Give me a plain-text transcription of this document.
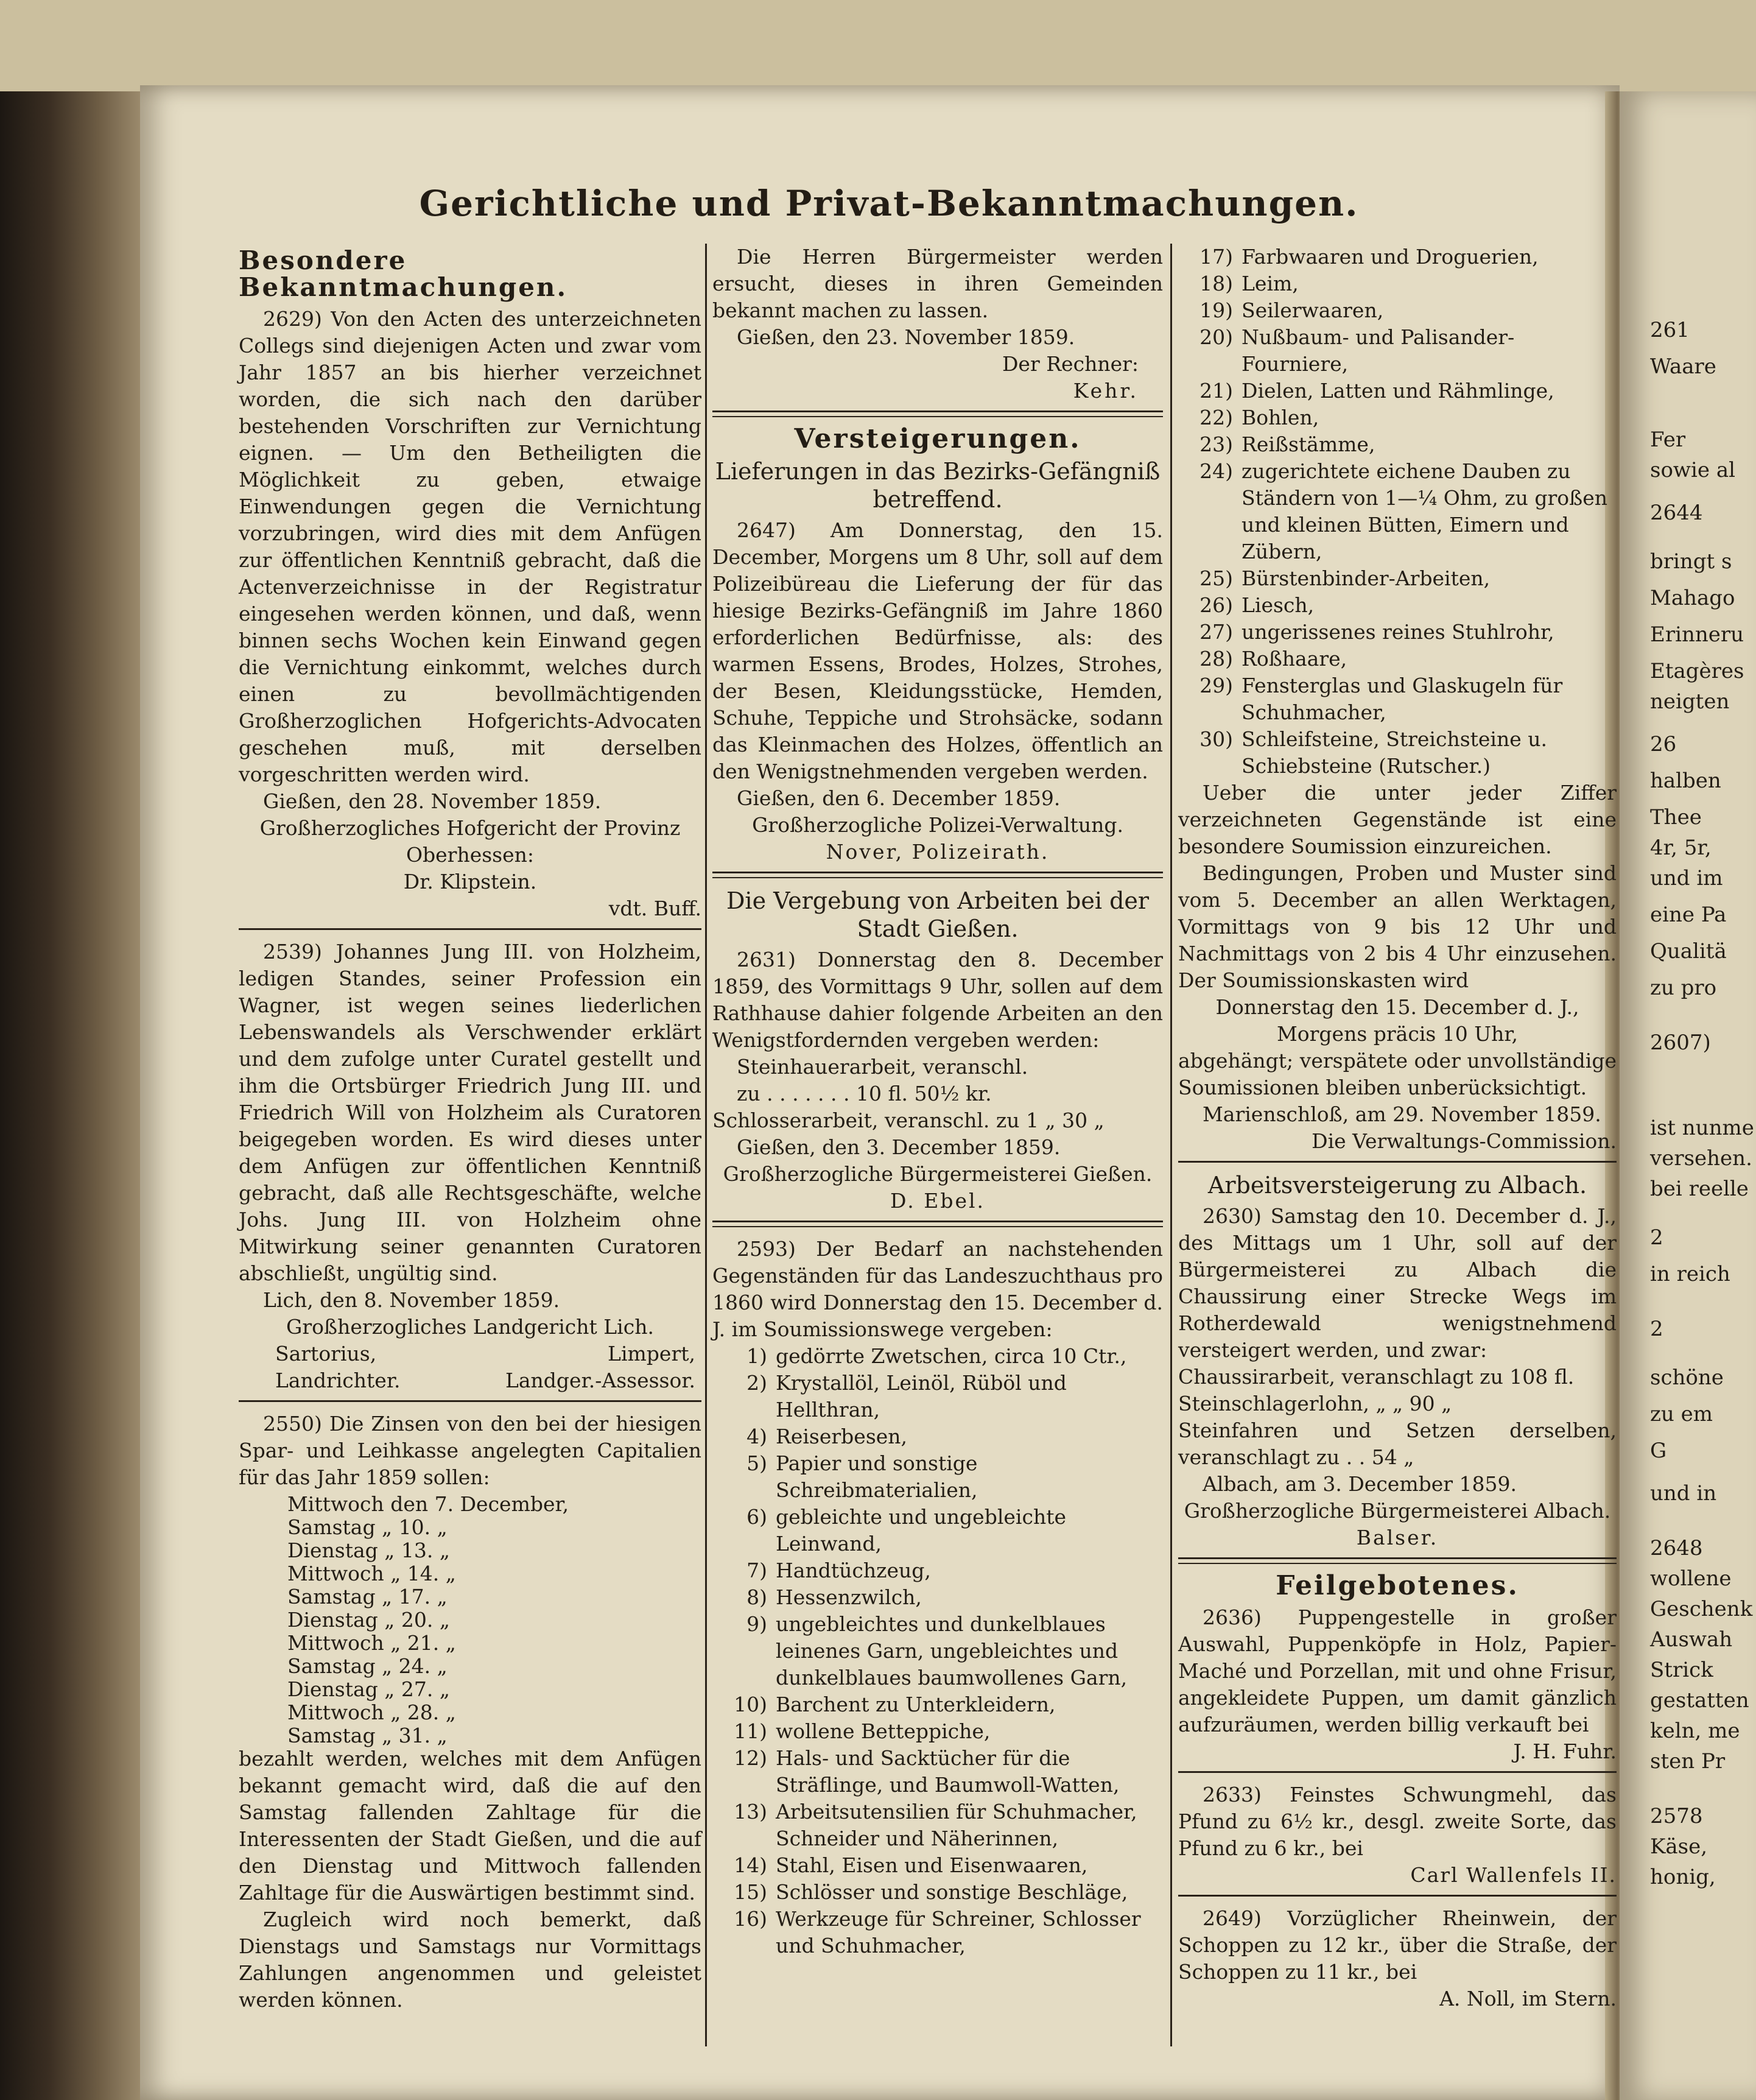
Gerichtliche und Privat-Bekanntmachungen.
Besondere Bekanntmachungen.

2629) Von den Acten des unterzeichneten Collegs sind diejenigen Acten und zwar vom Jahr 1857 an bis hierher verzeichnet worden, die sich nach den darüber bestehenden Vorschriften zur Vernichtung eignen. — Um den Betheiligten die Möglichkeit zu geben, etwaige Einwendungen gegen die Vernichtung vorzubringen, wird dies mit dem Anfügen zur öffentlichen Kenntniß gebracht, daß die Actenverzeichnisse in der Registratur eingesehen werden können, und daß, wenn binnen sechs Wochen kein Einwand gegen die Vernichtung einkommt, welches durch einen zu bevollmächtigenden Großherzoglichen Hofgerichts-Advocaten geschehen muß, mit derselben vorgeschritten werden wird.

Gießen, den 28. November 1859.

Großherzogliches Hofgericht der Provinz Oberhessen:

Dr. Klipstein.

vdt. Buff.

2539) Johannes Jung III. von Holzheim, ledigen Standes, seiner Profession ein Wagner, ist wegen seines liederlichen Lebenswandels als Verschwender erklärt und dem zufolge unter Curatel gestellt und ihm die Ortsbürger Friedrich Jung III. und Friedrich Will von Holzheim als Curatoren beigegeben worden. Es wird dieses unter dem Anfügen zur öffentlichen Kenntniß gebracht, daß alle Rechtsgeschäfte, welche Johs. Jung III. von Holzheim ohne Mitwirkung seiner genannten Curatoren abschließt, ungültig sind.

Lich, den 8. November 1859.

Großherzogliches Landgericht Lich.

Sartorius,	Limpert,
Landrichter.	Landger.-Assessor.

2550) Die Zinsen von den bei der hiesigen Spar- und Leihkasse angelegten Capitalien für das Jahr 1859 sollen:

Mittwoch den 7. December,
Samstag „ 10. „
Dienstag „ 13. „
Mittwoch „ 14. „
Samstag „ 17. „
Dienstag „ 20. „
Mittwoch „ 21. „
Samstag „ 24. „
Dienstag „ 27. „
Mittwoch „ 28. „
Samstag „ 31. „

bezahlt werden, welches mit dem Anfügen bekannt gemacht wird, daß die auf den Samstag fallenden Zahltage für die Interessenten der Stadt Gießen, und die auf den Dienstag und Mittwoch fallenden Zahltage für die Auswärtigen bestimmt sind.

Zugleich wird noch bemerkt, daß Dienstags und Samstags nur Vormittags Zahlungen angenommen und geleistet werden können.

Die Herren Bürgermeister werden ersucht, dieses in ihren Gemeinden bekannt machen zu lassen.

Gießen, den 23. November 1859.

Der Rechner:

Kehr.

Versteigerungen.
Lieferungen in das Bezirks-Gefängniß betreffend.

2647) Am Donnerstag, den 15. December, Morgens um 8 Uhr, soll auf dem Polizeibüreau die Lieferung der für das hiesige Bezirks-Gefängniß im Jahre 1860 erforderlichen Bedürfnisse, als: des warmen Essens, Brodes, Holzes, Strohes, der Besen, Kleidungsstücke, Hemden, Schuhe, Teppiche und Strohsäcke, sodann das Kleinmachen des Holzes, öffentlich an den Wenigstnehmenden vergeben werden.

Gießen, den 6. December 1859.

Großherzogliche Polizei-Verwaltung.

Nover, Polizeirath.

Die Vergebung von Arbeiten bei der Stadt Gießen.

2631) Donnerstag den 8. December 1859, des Vormittags 9 Uhr, sollen auf dem Rathhause dahier folgende Arbeiten an den Wenigstfordernden vergeben werden:

Steinhauerarbeit, veranschl.

zu . . . . . . . 10 fl. 50½ kr.

Schlosserarbeit, veranschl. zu 1 „ 30 „

Gießen, den 3. December 1859.

Großherzogliche Bürgermeisterei Gießen.

D. Ebel.

2593) Der Bedarf an nachstehenden Gegenständen für das Landeszuchthaus pro 1860 wird Donnerstag den 15. December d. J. im Soumissionswege vergeben:

1) gedörrte Zwetschen, circa 10 Ctr.,
2) Krystallöl, Leinöl, Rüböl und Hellthran,
4) Reiserbesen,
5) Papier und sonstige Schreibmaterialien,
6) gebleichte und ungebleichte Leinwand,
7) Handtüchzeug,
8) Hessenzwilch,
9) ungebleichtes und dunkelblaues leinenes Garn, ungebleichtes und dunkelblaues baumwollenes Garn,
10) Barchent zu Unterkleidern,
11) wollene Betteppiche,
12) Hals- und Sacktücher für die Sträflinge, und Baumwoll-Watten,
13) Arbeitsutensilien für Schuhmacher, Schneider und Näherinnen,
14) Stahl, Eisen und Eisenwaaren,
15) Schlösser und sonstige Beschläge,
16) Werkzeuge für Schreiner, Schlosser und Schuhmacher,
17) Farbwaaren und Droguerien,
18) Leim,
19) Seilerwaaren,
20) Nußbaum- und Palisander-Fourniere,
21) Dielen, Latten und Rähmlinge,
22) Bohlen,
23) Reißstämme,
24) zugerichtete eichene Dauben zu Ständern von 1—¼ Ohm, zu großen und kleinen Bütten, Eimern und Zübern,
25) Bürstenbinder-Arbeiten,
26) Liesch,
27) ungerissenes reines Stuhlrohr,
28) Roßhaare,
29) Fensterglas und Glaskugeln für Schuhmacher,
30) Schleifsteine, Streichsteine u. Schiebsteine (Rutscher.)

Ueber die unter jeder Ziffer verzeichneten Gegenstände ist eine besondere Soumission einzureichen.

Bedingungen, Proben und Muster sind vom 5. December an allen Werktagen, Vormittags von 9 bis 12 Uhr und Nachmittags von 2 bis 4 Uhr einzusehen. Der Soumissionskasten wird

Donnerstag den 15. December d. J., Morgens präcis 10 Uhr,

abgehängt; verspätete oder unvollständige Soumissionen bleiben unberücksichtigt.

Marienschloß, am 29. November 1859.

Die Verwaltungs-Commission.

Arbeitsversteigerung zu Albach.

2630) Samstag den 10. December d. J., des Mittags um 1 Uhr, soll auf der Bürgermeisterei zu Albach die Chaussirung einer Strecke Wegs im Rotherdewald wenigstnehmend versteigert werden, und zwar:

Chaussirarbeit, veranschlagt zu 108 fl.

Steinschlagerlohn, „ „ 90 „

Steinfahren und Setzen derselben, veranschlagt zu . . 54 „

Albach, am 3. December 1859.

Großherzogliche Bürgermeisterei Albach.

Balser.

Feilgebotenes.

2636) Puppengestelle in großer Auswahl, Puppenköpfe in Holz, Papier-Maché und Porzellan, mit und ohne Frisur, angekleidete Puppen, um damit gänzlich aufzuräumen, werden billig verkauft bei

J. H. Fuhr.

2633) Feinstes Schwungmehl, das Pfund zu 6½ kr., desgl. zweite Sorte, das Pfund zu 6 kr., bei

Carl Wallenfels II.

2649) Vorzüglicher Rheinwein, der Schoppen zu 12 kr., über die Straße, der Schoppen zu 11 kr., bei

A. Noll, im Stern.

261
Waare
Fer
sowie al
2644
bringt s
Mahago
Erinneru
Etagères
neigten
26
halben
Thee
4r, 5r,
und im
eine Pa
Qualitä
zu pro
2607)
ist nunme
versehen.
bei reelle
2
in reich
2
schöne
zu em
G
und in
2648
wollene
Geschenk
Auswah
Strick
gestatten
keln, me
sten Pr
2578
Käse,
honig,
